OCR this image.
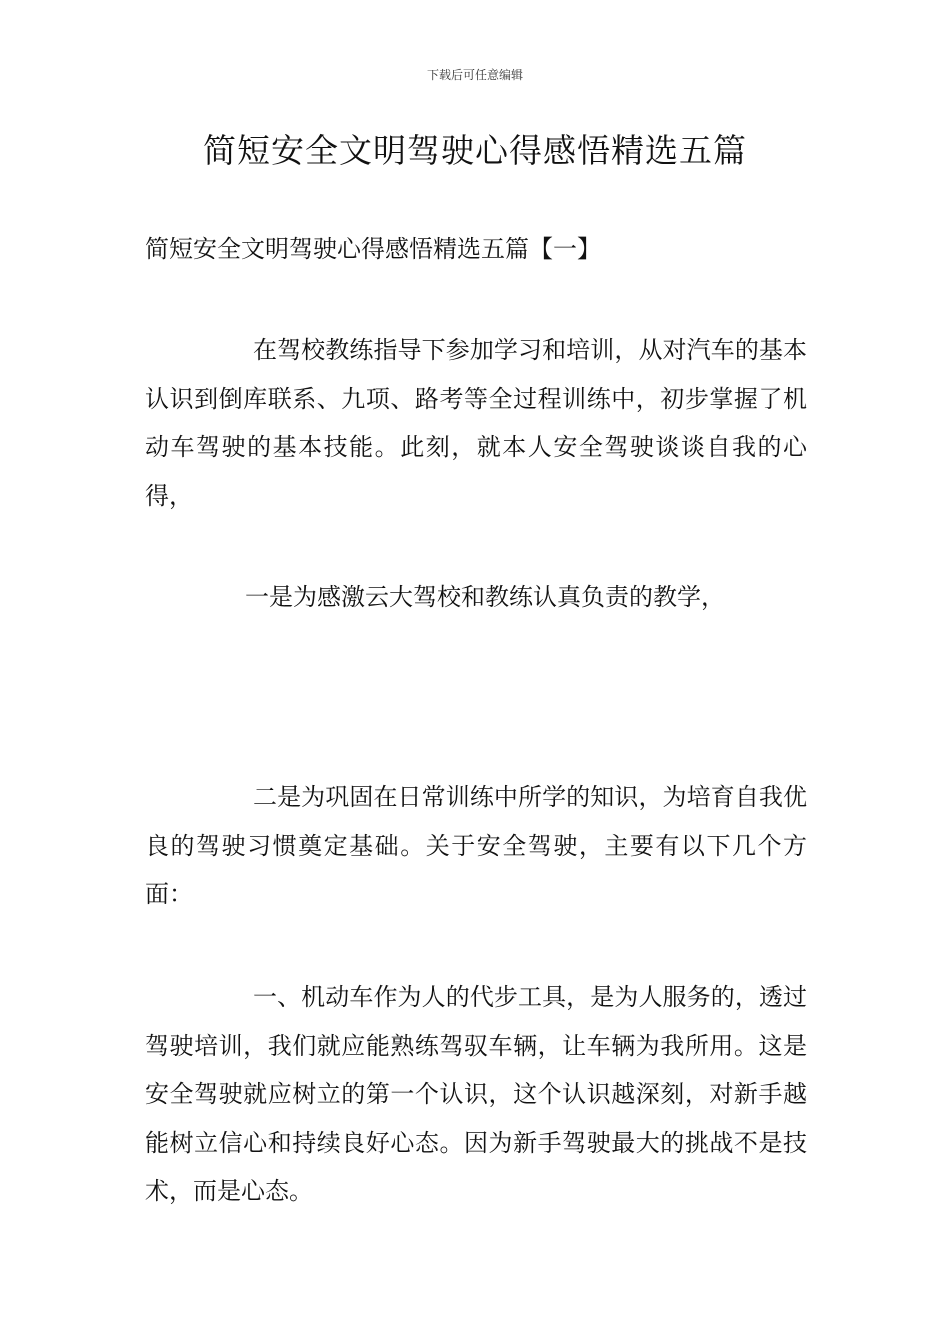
下载后可任意编辑
简短安全文明驾驶心得感悟精选五篇
简短安全文明驾驶心得感悟精选五篇【一】

在驾校教练指导下参加学习和培训，从对汽车的基本认识到倒库联系、九项、路考等全过程训练中，初步掌握了机动车驾驶的基本技能。此刻，就本人安全驾驶谈谈自我的心得，

一是为感激云大驾校和教练认真负责的教学，

二是为巩固在日常训练中所学的知识，为培育自我优良的驾驶习惯奠定基础。关于安全驾驶，主要有以下几个方面：

一、机动车作为人的代步工具，是为人服务的，透过驾驶培训，我们就应能熟练驾驭车辆，让车辆为我所用。这是安全驾驶就应树立的第一个认识，这个认识越深刻，对新手越能树立信心和持续良好心态。因为新手驾驶最大的挑战不是技术，而是心态。
